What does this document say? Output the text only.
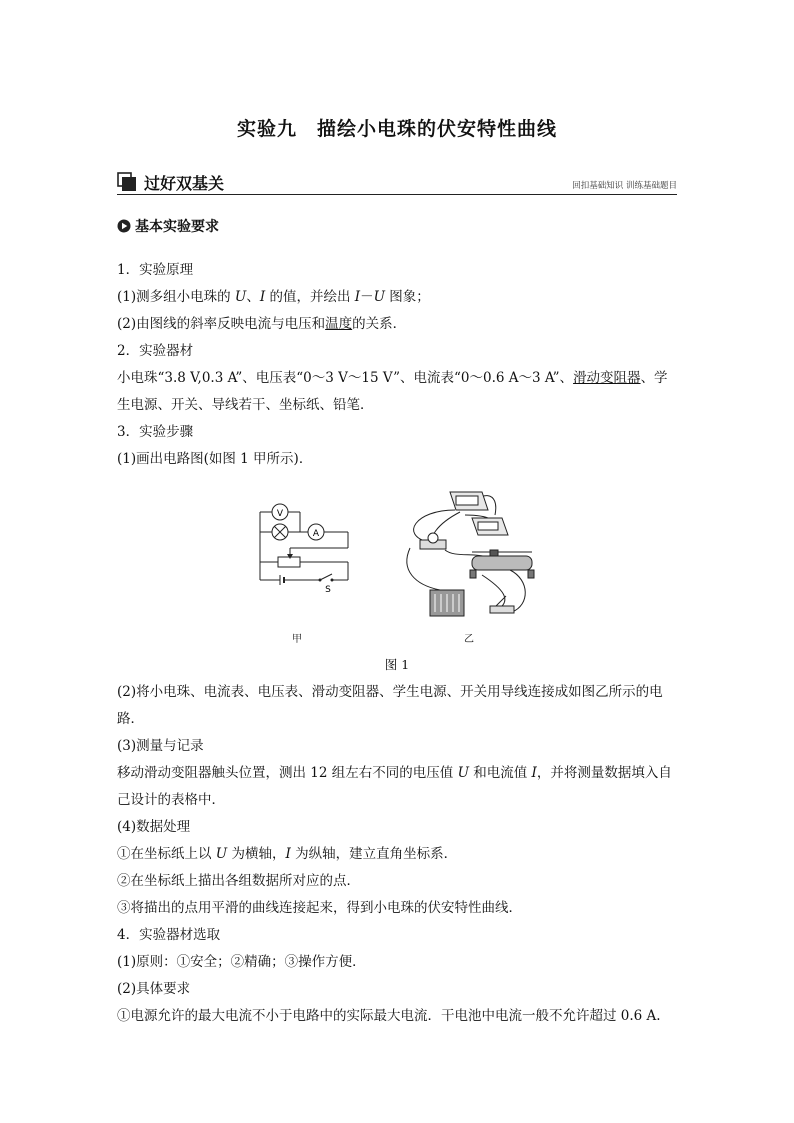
实验九　描绘小电珠的伏安特性曲线
过好双基关	回扣基础知识 训练基础题目
基本实验要求
1．实验原理
(1)测多组小电珠的 U、I 的值，并绘出 I－U 图象；
(2)由图线的斜率反映电流与电压和温度的关系．
2．实验器材
小电珠“3.8 V,0.3 A”、电压表“0～3 V～15 V”、电流表“0～0.6 A～3 A”、滑动变阻器、学
生电源、开关、导线若干、坐标纸、铅笔．
3．实验步骤
(1)画出电路图(如图 1 甲所示)．
V
A
S
甲	乙
图 1
(2)将小电珠、电流表、电压表、滑动变阻器、学生电源、开关用导线连接成如图乙所示的电
路．
(3)测量与记录
移动滑动变阻器触头位置，测出 12 组左右不同的电压值 U 和电流值 I，并将测量数据填入自
己设计的表格中．
(4)数据处理
①在坐标纸上以 U 为横轴，I 为纵轴，建立直角坐标系．
②在坐标纸上描出各组数据所对应的点．
③将描出的点用平滑的曲线连接起来，得到小电珠的伏安特性曲线．
4．实验器材选取
(1)原则：①安全；②精确；③操作方便．
(2)具体要求
①电源允许的最大电流不小于电路中的实际最大电流．干电池中电流一般不允许超过 0.6 A.
